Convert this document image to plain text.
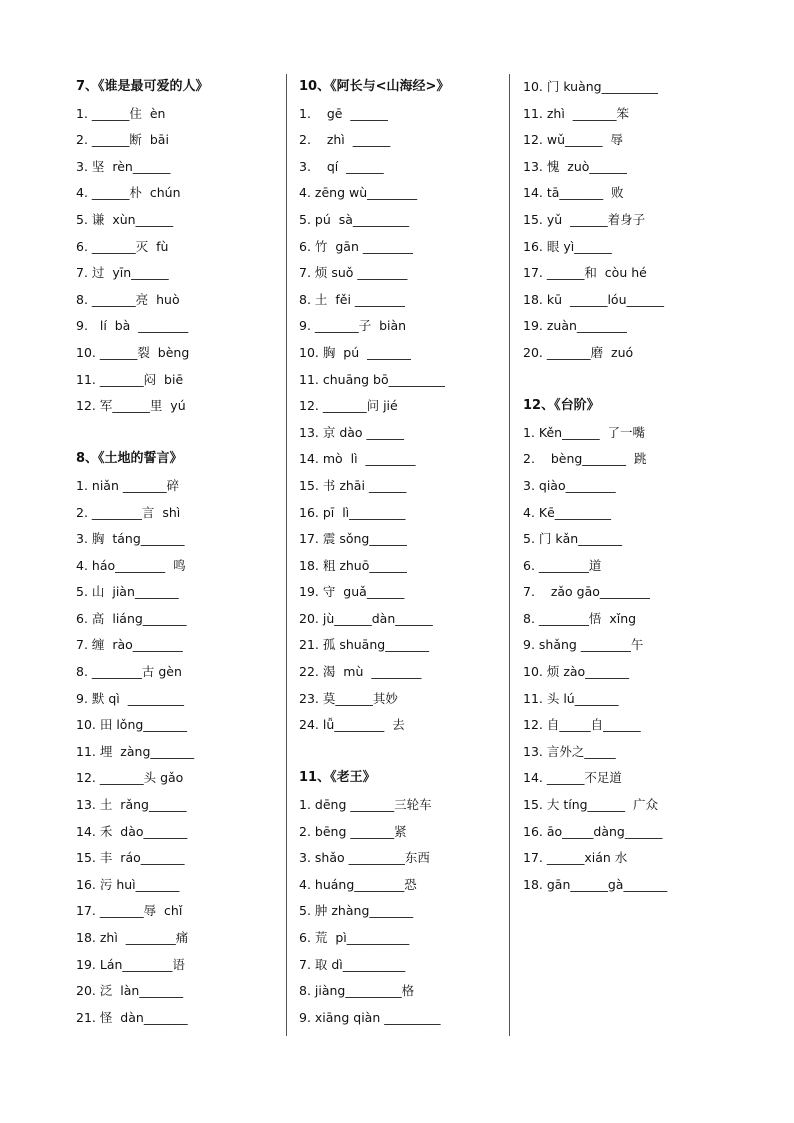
7、《谁是最可爱的人》
1. ______住  èn
2. ______断  bāi
3. 坚  rèn______
4. ______朴  chún
5. 谦  xùn______
6. _______灭  fù
7. 过  yīn______
8. _______亮  huò
9.   lí  bà  ________
10. ______裂  bèng
11. _______闷  biē
12. 军______里  yú
8、《土地的誓言》
1. niǎn _______碎
2. ________言  shì
3. 胸  táng_______
4. háo________  鸣
5. 山  jiàn_______
6. 高  liáng_______
7. 缠  rào________
8. ________古 gèn
9. 默 qì  _________
10. 田 lǒng_______
11. 埋  zàng_______
12. _______头 gǎo
13. 土  rǎng______
14. 禾  dào_______
15. 丰  ráo_______
16. 污 huì_______
17. _______辱  chǐ
18. zhì  ________痛
19. Lán________语
20. 泛  làn_______
21. 怪  dàn_______
10、《阿长与<山海经>》
1.    gē  ______
2.    zhì  ______
3.    qí  ______
4. zēng wù________
5. pú  sà_________
6. 竹  gān ________
7. 烦 suǒ ________
8. 土  fěi ________
9. _______子  biàn
10. 胸  pú  _______
11. chuāng bō_________
12. _______问 jié
13. 京 dào ______
14. mò  lì  ________
15. 书 zhāi ______
16. pī  lì_________
17. 震 sǒng______
18. 粗 zhuō______
19. 守  guǎ______
20. jù______dàn______
21. 孤 shuāng_______
22. 渴  mù  ________
23. 莫______其妙
24. lǚ________  去
11、《老王》
1. dēng _______三轮车
2. bēng _______紧
3. shǎo _________东西
4. huáng________恐
5. 肿 zhàng_______
6. 荒  pì__________
7. 取 dì__________
8. jiàng_________格
9. xiāng qiàn _________
10. 门 kuàng_________
11. zhì  _______笨
12. wǔ______  辱
13. 愧  zuò______
14. tā_______  败
15. yǔ  ______着身子
16. 眼 yì______
17. ______和  còu hé
18. kū  ______lóu______
19. zuàn________
20. _______磨  zuó
12、《台阶》
1. Kěn______  了一嘴
2.    bèng_______  跳
3. qiào________
4. Kē_________
5. 门 kǎn_______
6. ________道
7.    zǎo gāo________
8. ________悟  xǐng
9. shǎng ________午
10. 烦 zào_______
11. 头 lú_______
12. 自_____自______
13. 言外之_____
14. ______不足道
15. 大 tíng______  广众
16. āo_____dàng______
17. ______xián 水
18. gān______gà_______
